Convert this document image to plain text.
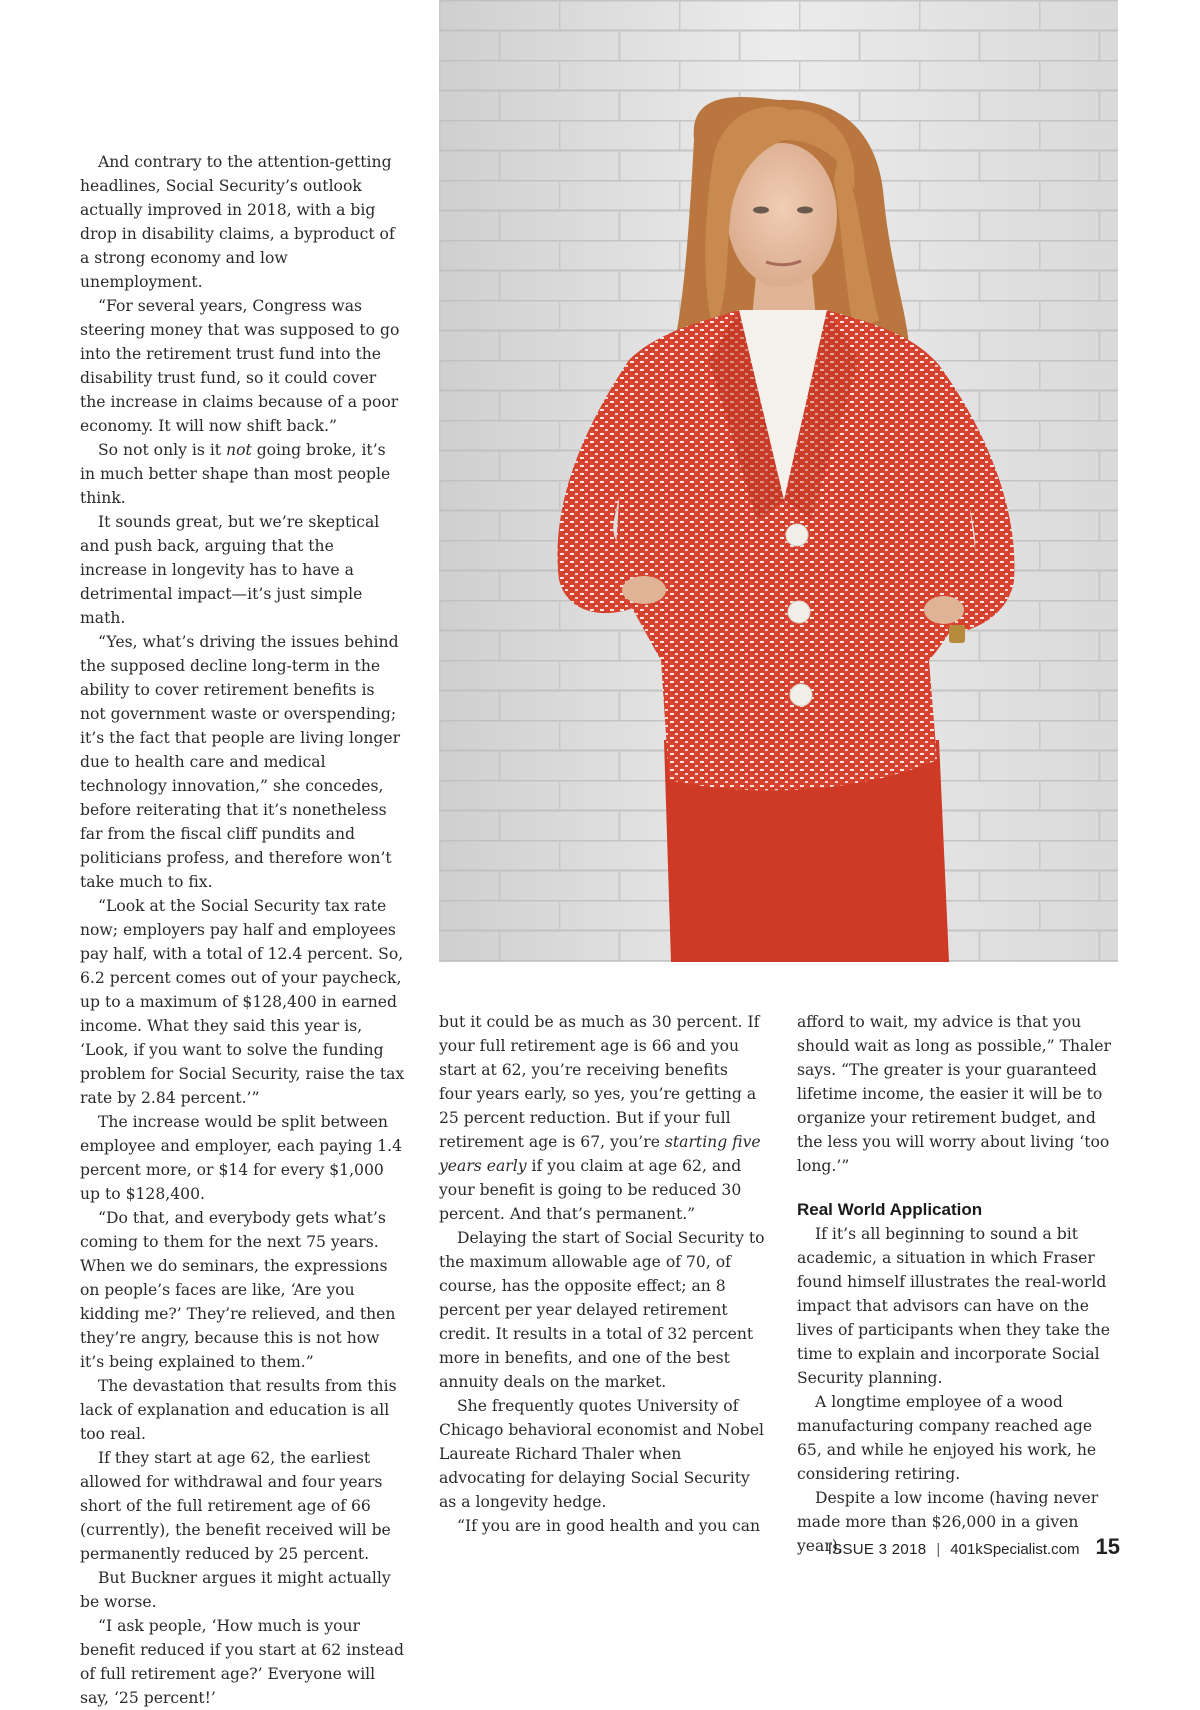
And contrary to the attention-getting headlines, Social Security’s outlook actually improved in 2018, with a big drop in disability claims, a byproduct of a strong economy and low unemployment.

“For several years, Congress was steering money that was supposed to go into the retirement trust fund into the disability trust fund, so it could cover the increase in claims because of a poor economy. It will now shift back.”

So not only is it not going broke, it’s in much better shape than most people think.

It sounds great, but we’re skeptical and push back, arguing that the increase in longevity has to have a detrimental impact—it’s just simple math.

“Yes, what’s driving the issues behind the supposed decline long-term in the ability to cover retirement benefits is not government waste or overspending; it’s the fact that people are living longer due to health care and medical technology innovation,” she concedes, before reiterating that it’s nonetheless far from the fiscal cliff pundits and politicians profess, and therefore won’t take much to fix.

“Look at the Social Security tax rate now; employers pay half and employees pay half, with a total of 12.4 percent. So, 6.2 percent comes out of your paycheck, up to a maximum of $128,400 in earned income. What they said this year is, ‘Look, if you want to solve the funding problem for Social Security, raise the tax rate by 2.84 percent.’”

The increase would be split between employee and employer, each paying 1.4 percent more, or $14 for every $1,000 up to $128,400.

“Do that, and everybody gets what’s coming to them for the next 75 years. When we do seminars, the expressions on people’s faces are like, ‘Are you kidding me?’ They’re relieved, and then they’re angry, because this is not how it’s being explained to them.”

The devastation that results from this lack of explanation and education is all too real.

If they start at age 62, the earliest allowed for withdrawal and four years short of the full retirement age of 66 (currently), the benefit received will be permanently reduced by 25 percent.

But Buckner argues it might actually be worse.

“I ask people, ‘How much is your benefit reduced if you start at 62 instead of full retirement age?’ Everyone will say, ‘25 percent!’

but it could be as much as 30 percent. If your full retirement age is 66 and you start at 62, you’re receiving benefits four years early, so yes, you’re getting a 25 percent reduction. But if your full retirement age is 67, you’re starting five years early if you claim at age 62, and your benefit is going to be reduced 30 percent. And that’s permanent.”

Delaying the start of Social Security to the maximum allowable age of 70, of course, has the opposite effect; an 8 percent per year delayed retirement credit. It results in a total of 32 percent more in benefits, and one of the best annuity deals on the market.

She frequently quotes University of Chicago behavioral economist and Nobel Laureate Richard Thaler when advocating for delaying Social Security as a longevity hedge.

“If you are in good health and you can

afford to wait, my advice is that you should wait as long as possible,” Thaler says. “The greater is your guaranteed lifetime income, the easier it will be to organize your retirement budget, and the less you will worry about living ‘too long.’”

Real World Application

If it’s all beginning to sound a bit academic, a situation in which Fraser found himself illustrates the real-world impact that advisors can have on the lives of participants when they take the time to explain and incorporate Social Security planning.

A longtime employee of a wood manufacturing company reached age 65, and while he enjoyed his work, he considering retiring.

Despite a low income (having never made more than $26,000 in a given year),

ISSUE 3 2018 | 401kSpecialist.com 15
